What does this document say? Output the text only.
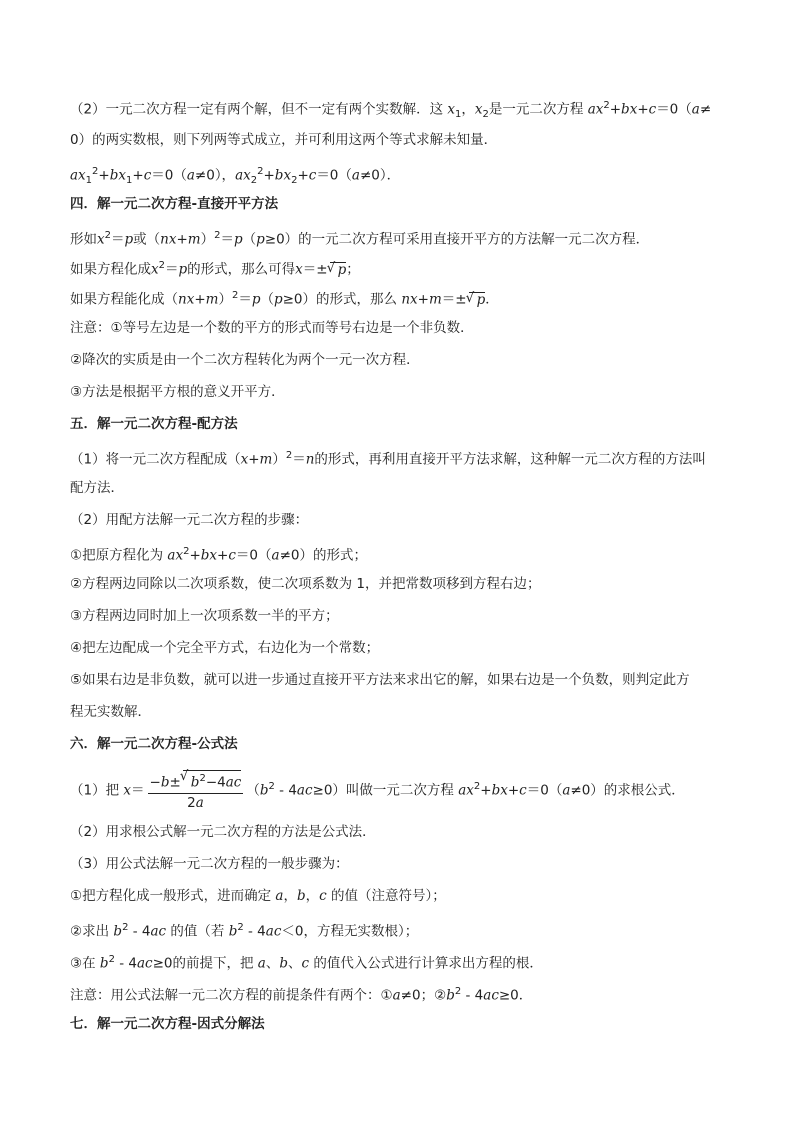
（2）一元二次方程一定有两个解，但不一定有两个实数解．这 $x_1$，$x_2$是一元二次方程 $ax^2+bx+c=0(a\ne$
0）的两实数根，则下列两等式成立，并可利用这两个等式求解未知量．
$ax_1^2+bx_1+c=0(a\ne 0)$，$ax_2^2+bx_2+c=0(a\ne 0)$．
四．解一元二次方程-直接开平方法
形如$x^2=p$或$(nx+m)^2=p(p\ge 0)$的一元二次方程可采用直接开平方的方法解一元二次方程．
如果方程化成$x^2=p$的形式，那么可得x＝± √ p；
如果方程能化成$(nx+m)^2=p(p\ge 0)$的形式，那么 nx+m＝± √ p．
注意：①等号左边是一个数的平方的形式而等号右边是一个非负数．
②降次的实质是由一个二次方程转化为两个一元一次方程．
③方法是根据平方根的意义开平方．
五．解一元二次方程-配方法
（1）将一元二次方程配成$(x+m)^2=n$的形式，再利用直接开平方法求解，这种解一元二次方程的方法叫
配方法．
（2）用配方法解一元二次方程的步骤：
①把原方程化为 $ax^2+bx+c=0(a\ne 0)$的形式；
②方程两边同除以二次项系数，使二次项系数为 1，并把常数项移到方程右边；
③方程两边同时加上一次项系数一半的平方；
④把左边配成一个完全平方式，右边化为一个常数；
⑤如果右边是非负数，就可以进一步通过直接开平方法来求出它的解，如果右边是一个负数，则判定此方
程无实数解．
六．解一元二次方程-公式法
（1）把 $x= \frac{-b\pm √ b^2-4ac}{2a} (b^2 - 4ac\ge 0)$叫做一元二次方程 $ax^2+bx+c=0(a\ne 0)$的求根公式．
（2）用求根公式解一元二次方程的方法是公式法．
（3）用公式法解一元二次方程的一般步骤为：
①把方程化成一般形式，进而确定 a，b，c 的值（注意符号）；
②求出 $b^2 - 4ac$ 的值（若 $b^2 - 4ac<0$，方程无实数根）；
③在 $b^2 - 4ac\ge 0$的前提下，把 a、b、c 的值代入公式进行计算求出方程的根．
注意：用公式法解一元二次方程的前提条件有两个：①a≠0；$②b^2 - 4ac\ge 0$．
七．解一元二次方程-因式分解法
